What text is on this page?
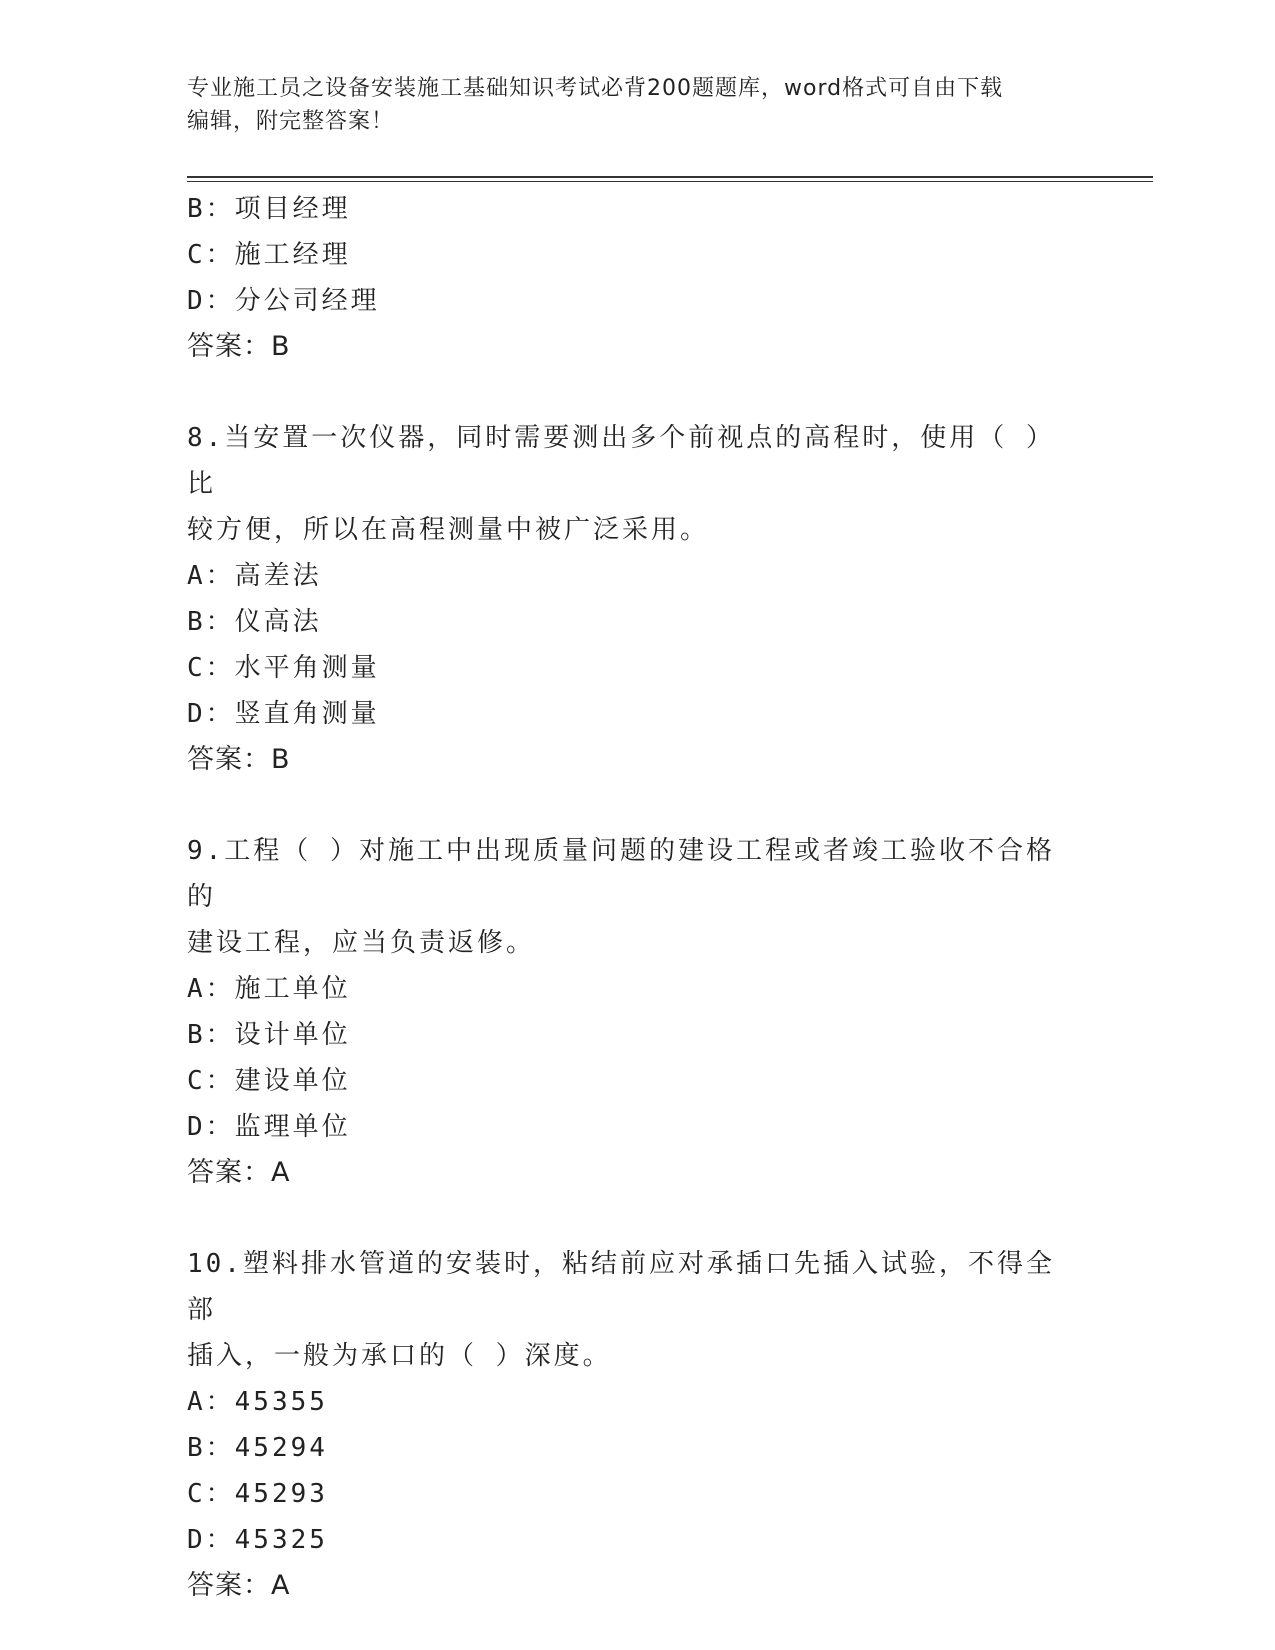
专业施工员之设备安装施工基础知识考试必背200题题库，word格式可自由下载
编辑，附完整答案！
B：项目经理
C：施工经理
D：分公司经理
答案：B
8.当安置一次仪器，同时需要测出多个前视点的高程时，使用（ ）比
较方便，所以在高程测量中被广泛采用。
A：高差法
B：仪高法
C：水平角测量
D：竖直角测量
答案：B
9.工程（ ）对施工中出现质量问题的建设工程或者竣工验收不合格的
建设工程，应当负责返修。
A：施工单位
B：设计单位
C：建设单位
D：监理单位
答案：A
10.塑料排水管道的安装时，粘结前应对承插口先插入试验，不得全部
插入，一般为承口的（ ）深度。
A：45355
B：45294
C：45293
D：45325
答案：A
